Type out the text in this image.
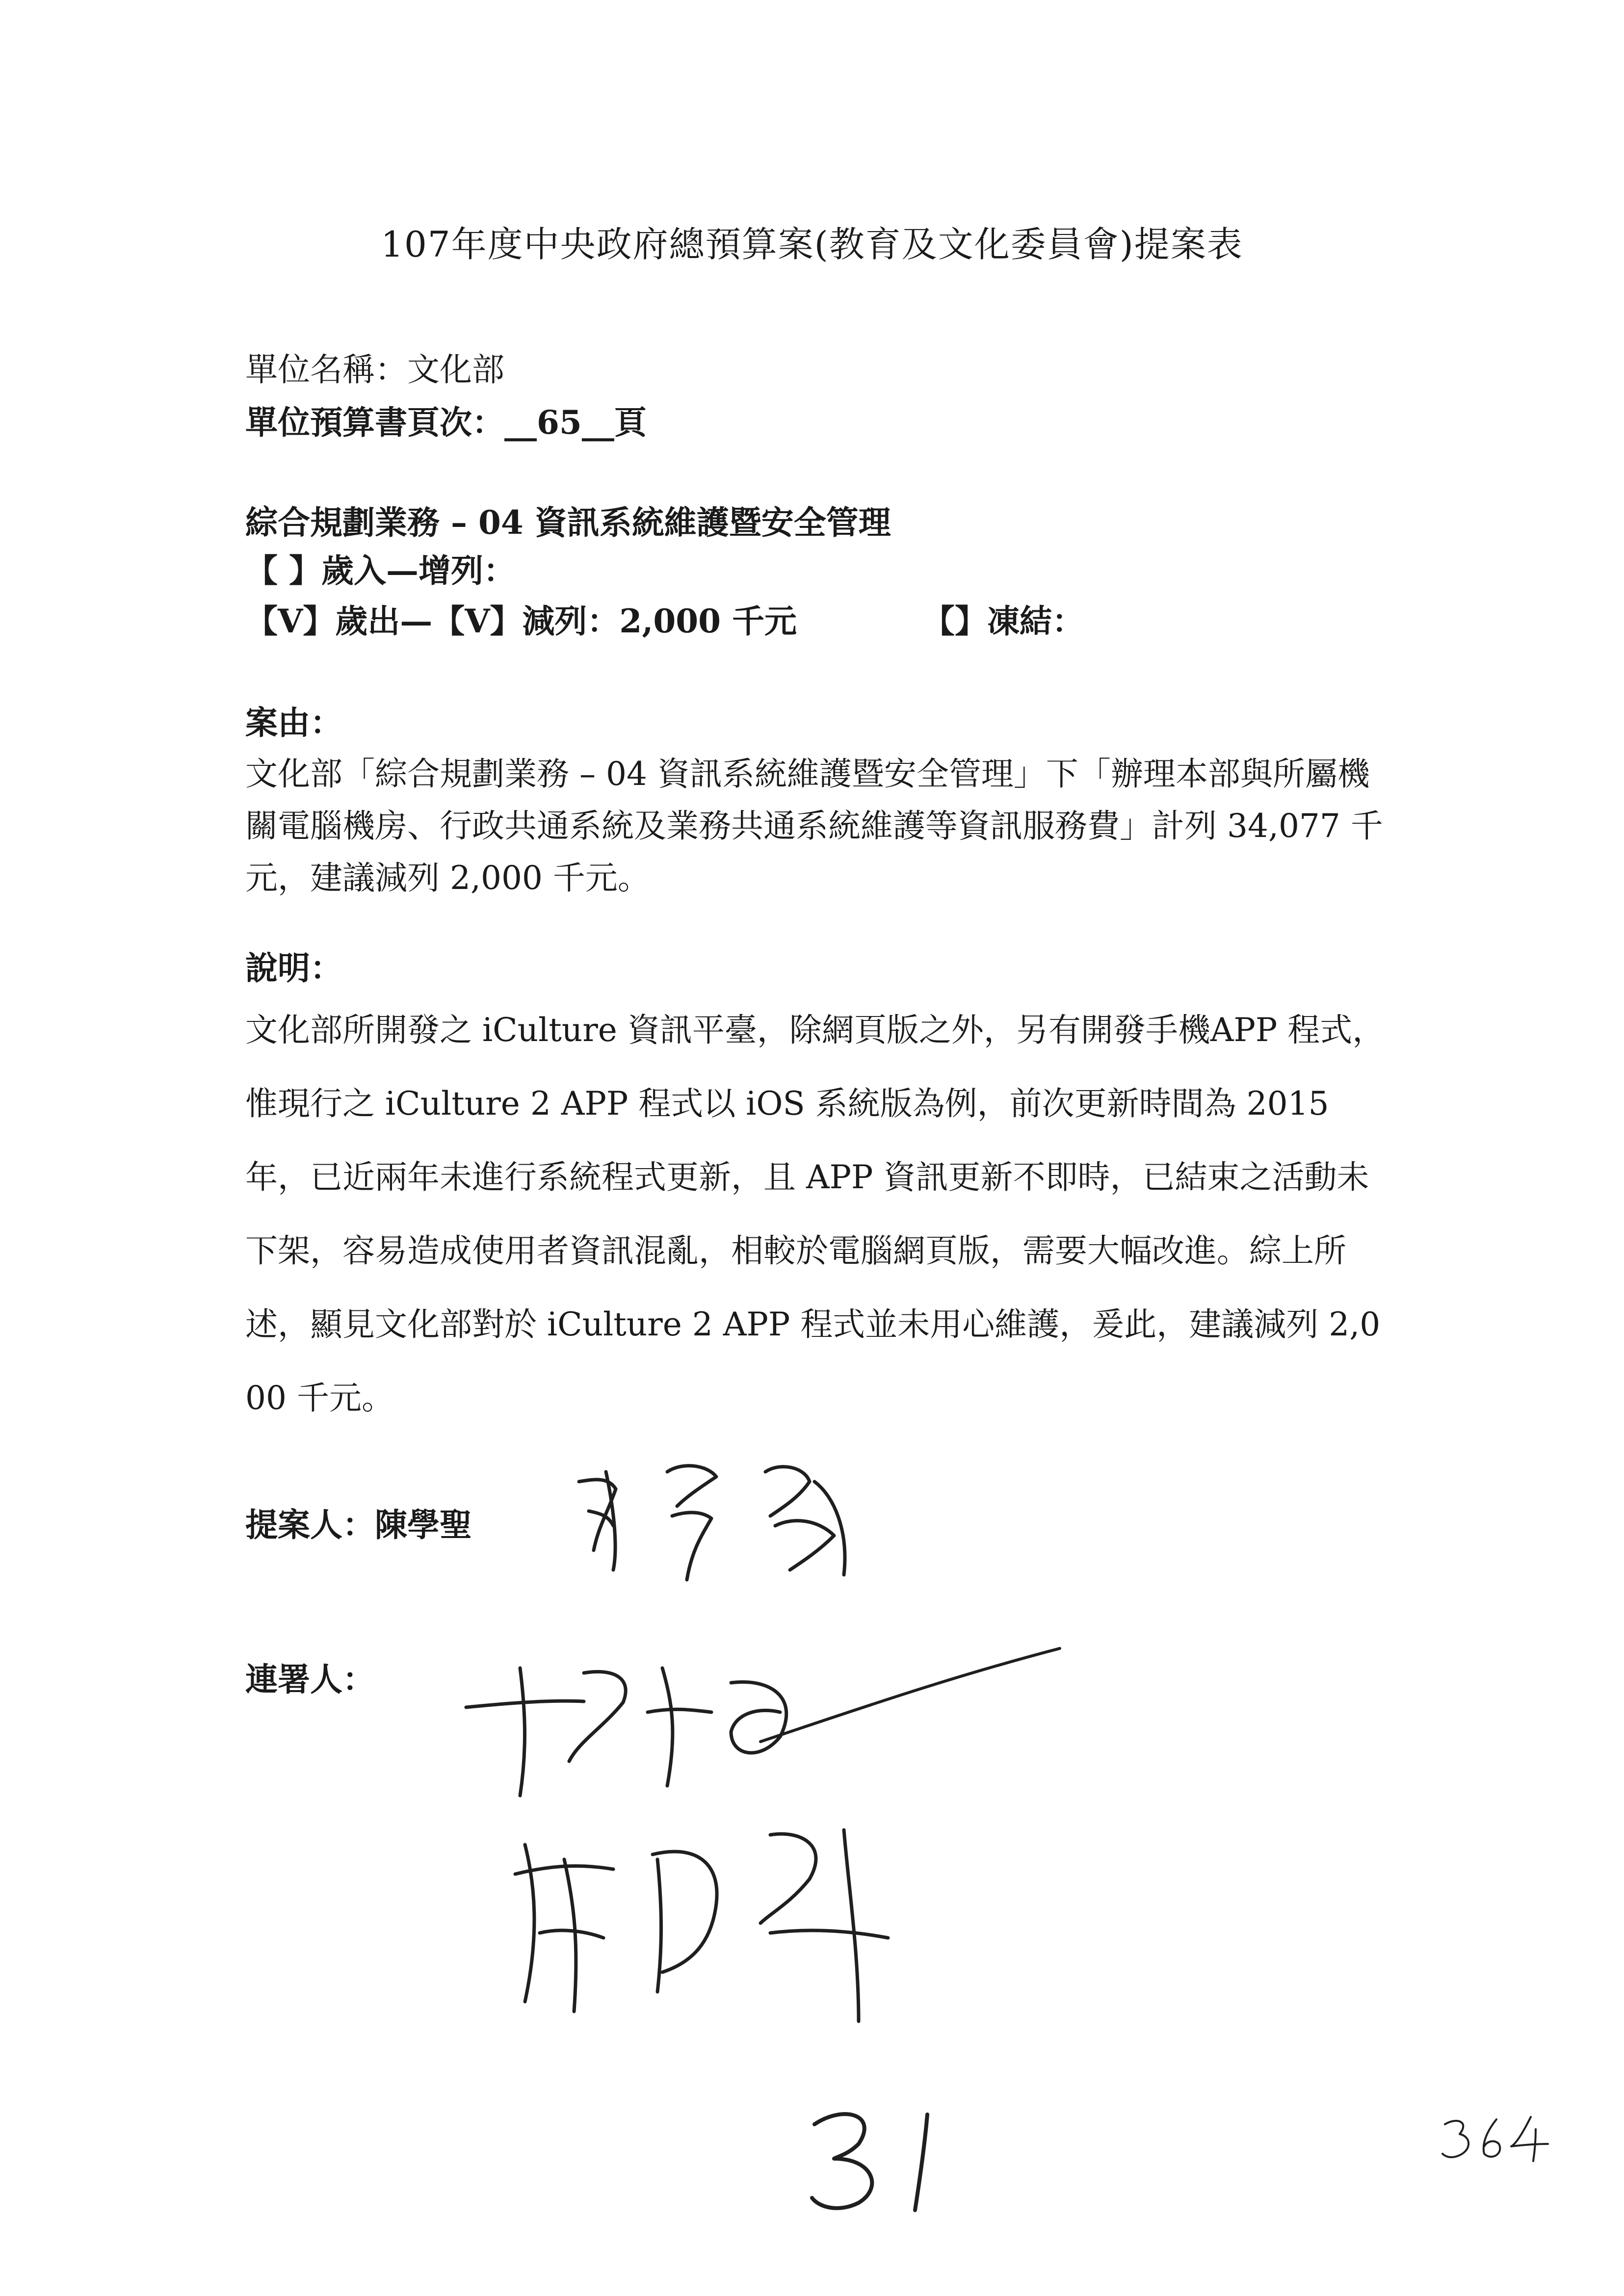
107年度中央政府總預算案(教育及文化委員會)提案表
單位名稱：文化部
單位預算書頁次：__65__頁
綜合規劃業務 – 04 資訊系統維護暨安全管理
【 】歲入—增列：
【V】歲出—【V】減列：2,000 千元	【】凍結：
案由：
文化部「綜合規劃業務 – 04 資訊系統維護暨安全管理」下「辦理本部與所屬機關電腦機房、行政共通系統及業務共通系統維護等資訊服務費」計列 34,077 千元，建議減列 2,000 千元。
說明：
文化部所開發之 iCulture 資訊平臺，除網頁版之外，另有開發手機APP 程式，惟現行之 iCulture 2 APP 程式以 iOS 系統版為例，前次更新時間為 2015 年，已近兩年未進行系統程式更新，且 APP 資訊更新不即時，已結束之活動未下架，容易造成使用者資訊混亂，相較於電腦網頁版，需要大幅改進。綜上所述，顯見文化部對於 iCulture 2 APP 程式並未用心維護，爰此，建議減列 2,000 千元。
提案人：陳學聖
連署人：
